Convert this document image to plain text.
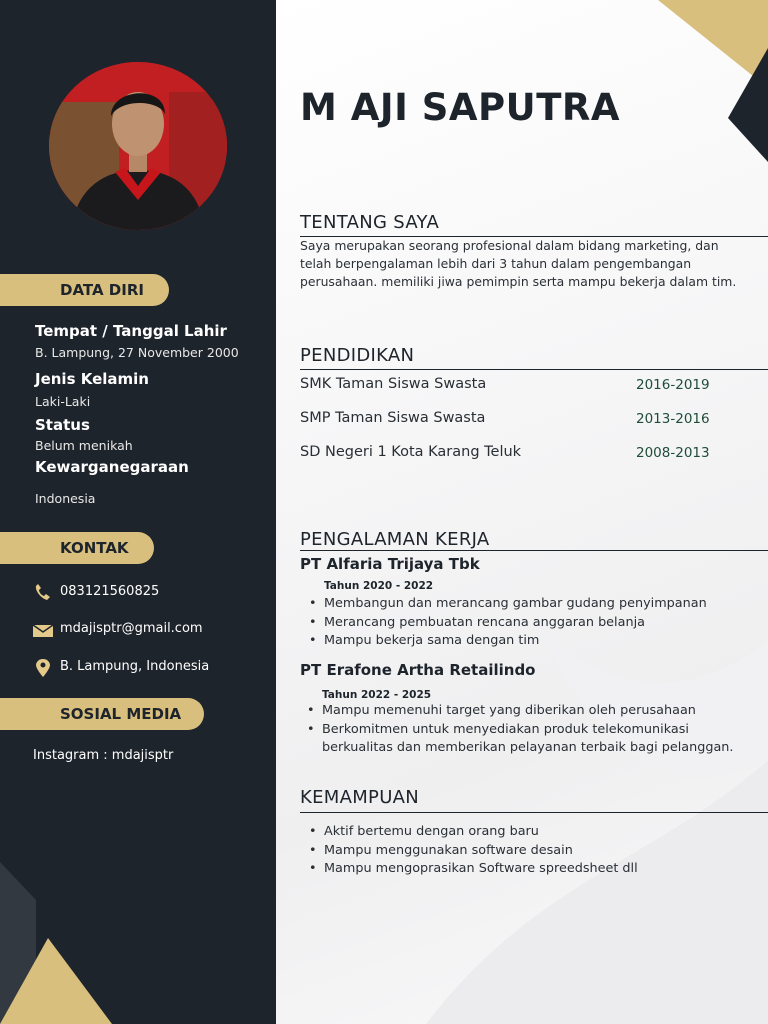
DATA DIRI
Tempat / Tanggal Lahir
B. Lampung, 27 November 2000
Jenis Kelamin
Laki-Laki
Status
Belum menikah
Kewarganegaraan
Indonesia
KONTAK
083121560825
mdajisptr@gmail.com
B. Lampung, Indonesia
SOSIAL MEDIA
Instagram : mdajisptr
M AJI SAPUTRA
TENTANG SAYA
Saya merupakan seorang profesional dalam bidang marketing, dan telah berpengalaman lebih dari 3 tahun dalam pengembangan perusahaan. memiliki jiwa pemimpin serta mampu bekerja dalam tim.
PENDIDIKAN
SMK Taman Siswa Swasta	2016-2019
SMP Taman Siswa Swasta	2013-2016
SD Negeri 1 Kota Karang Teluk	2008-2013
PENGALAMAN KERJA
PT Alfaria Trijaya Tbk
Tahun 2020 - 2022
• Membangun dan merancang gambar gudang penyimpanan
• Merancang pembuatan rencana anggaran belanja
• Mampu bekerja sama dengan tim
PT Erafone Artha Retailindo
Tahun 2022 - 2025
• Mampu memenuhi target yang diberikan oleh perusahaan
• Berkomitmen untuk menyediakan produk telekomunikasi berkualitas dan memberikan pelayanan terbaik bagi pelanggan.
KEMAMPUAN
• Aktif bertemu dengan orang baru
• Mampu menggunakan software desain
• Mampu mengoprasikan Software spreedsheet dll
